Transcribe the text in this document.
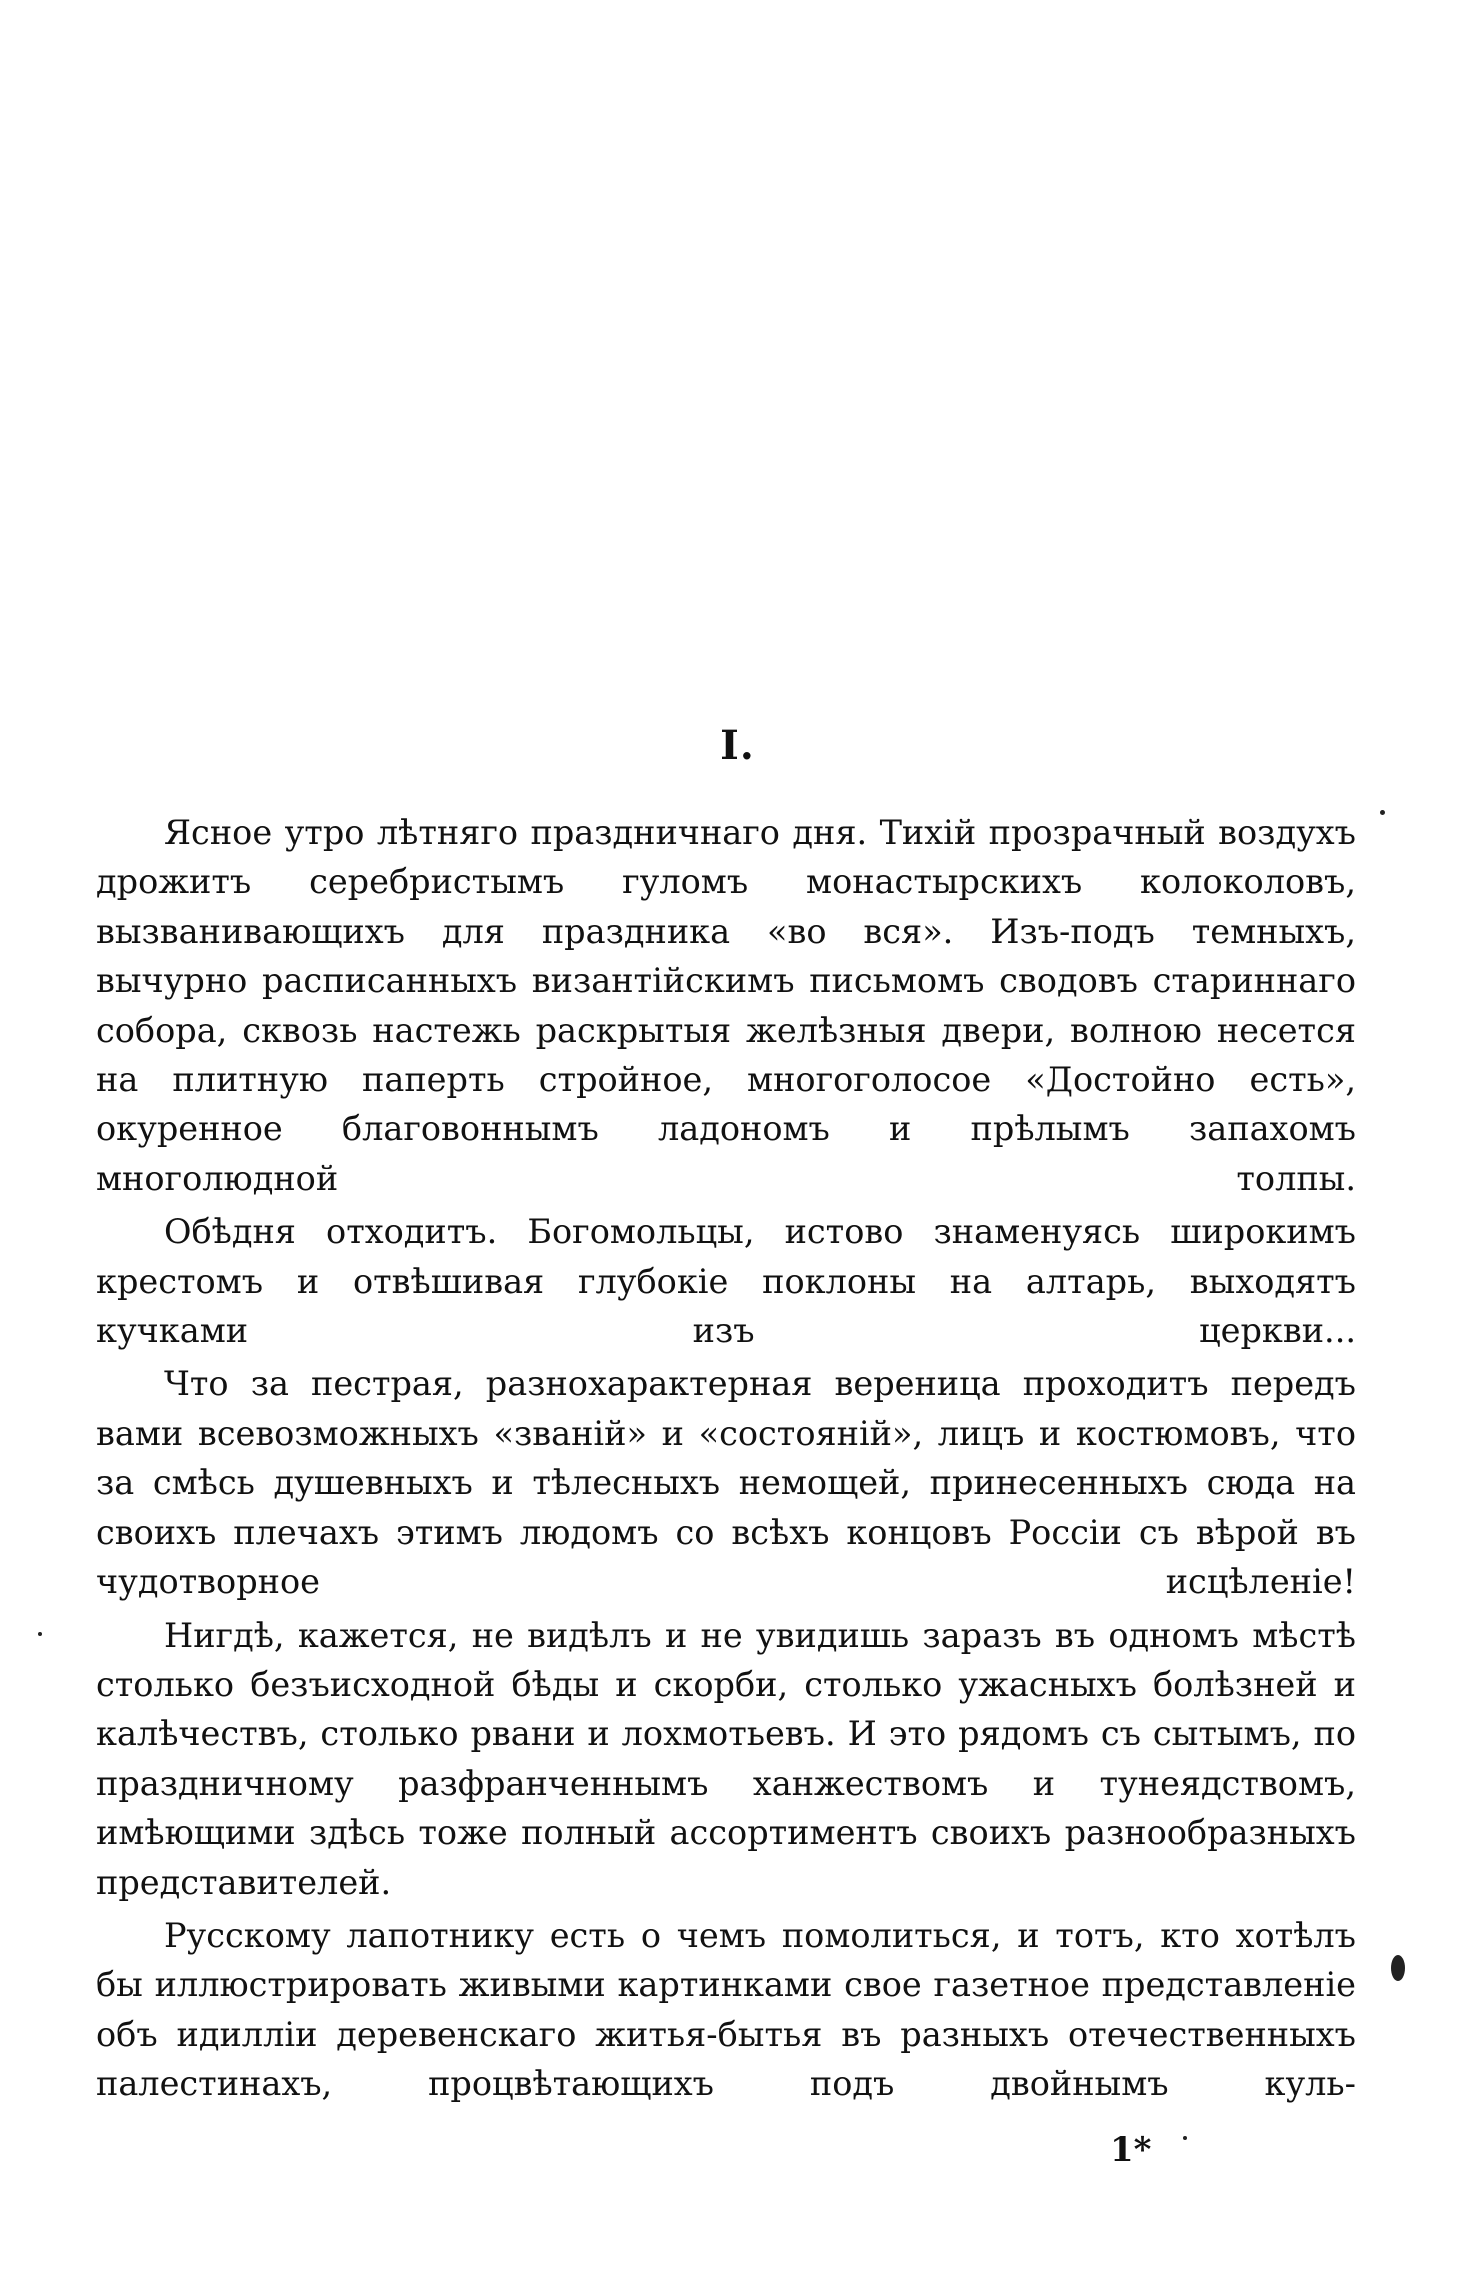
I.

Ясное утро лѣтняго праздничнаго дня. Тихій прозрачный воздухъ дрожитъ серебристымъ гуломъ монастырскихъ колоколовъ, вызванивающихъ для праздника «во вся». Изъ-подъ темныхъ, вычурно расписанныхъ византійскимъ письмомъ сводовъ стариннаго собора, сквозь настежь раскрытыя желѣзныя двери, волною несется на плитную паперть стройное, многоголосое «Достойно есть», окуренное благовоннымъ ладономъ и прѣлымъ запахомъ многолюдной толпы.

Обѣдня отходитъ. Богомольцы, истово знаменуясь широкимъ крестомъ и отвѣшивая глубокіе поклоны на алтарь, выходятъ кучками изъ церкви...

Что за пестрая, разнохарактерная вереница проходитъ передъ вами всевозможныхъ «званій» и «состояній», лицъ и костюмовъ, что за смѣсь душевныхъ и тѣлесныхъ немощей, принесенныхъ сюда на своихъ плечахъ этимъ людомъ со всѣхъ концовъ Россіи съ вѣрой въ чудотворное исцѣленіе!

Нигдѣ, кажется, не видѣлъ и не увидишь заразъ въ одномъ мѣстѣ столько безъисходной бѣды и скорби, столько ужасныхъ болѣзней и калѣчествъ, столько рвани и лохмотьевъ. И это рядомъ съ сытымъ, по праздничному разфранченнымъ ханжествомъ и тунеядствомъ, имѣющими здѣсь тоже полный ассортиментъ своихъ разнообразныхъ представителей.

Русскому лапотнику есть о чемъ помолиться, и тотъ, кто хотѣлъ бы иллюстрировать живыми картинками свое газетное представленіе объ идилліи деревенскаго житья-бытья въ разныхъ отечественныхъ палестинахъ, процвѣтающихъ подъ двойнымъ куль-

1*
